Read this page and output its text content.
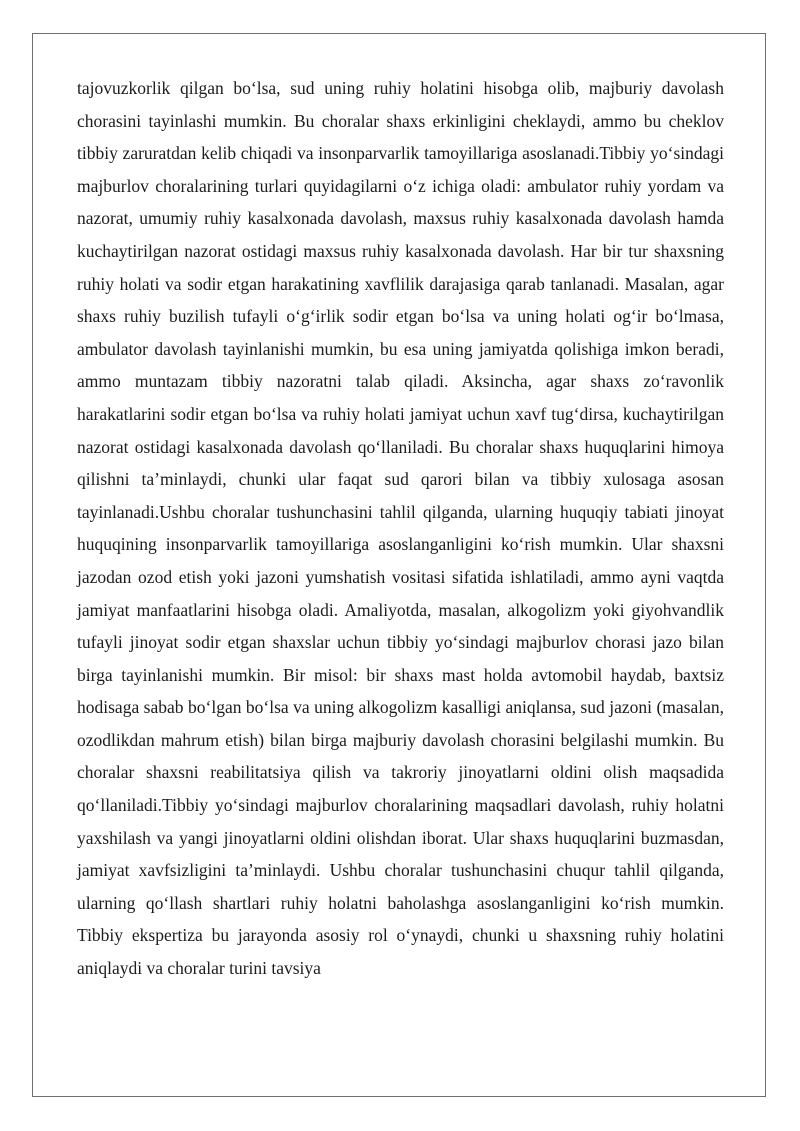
tajovuzkorlik qilgan bo‘lsa, sud uning ruhiy holatini hisobga olib, majburiy davolash chorasini tayinlashi mumkin. Bu choralar shaxs erkinligini cheklaydi, ammo bu cheklov tibbiy zaruratdan kelib chiqadi va insonparvarlik tamoyillariga asoslanadi.Tibbiy yo‘sindagi majburlov choralarining turlari quyidagilarni o‘z ichiga oladi: ambulator ruhiy yordam va nazorat, umumiy ruhiy kasalxonada davolash, maxsus ruhiy kasalxonada davolash hamda kuchaytirilgan nazorat ostidagi maxsus ruhiy kasalxonada davolash. Har bir tur shaxsning ruhiy holati va sodir etgan harakatining xavflilik darajasiga qarab tanlanadi. Masalan, agar shaxs ruhiy buzilish tufayli o‘g‘irlik sodir etgan bo‘lsa va uning holati og‘ir bo‘lmasa, ambulator davolash tayinlanishi mumkin, bu esa uning jamiyatda qolishiga imkon beradi, ammo muntazam tibbiy nazoratni talab qiladi. Aksincha, agar shaxs zo‘ravonlik harakatlarini sodir etgan bo‘lsa va ruhiy holati jamiyat uchun xavf tug‘dirsa, kuchaytirilgan nazorat ostidagi kasalxonada davolash qo‘llaniladi. Bu choralar shaxs huquqlarini himoya qilishni ta’minlaydi, chunki ular faqat sud qarori bilan va tibbiy xulosaga asosan tayinlanadi.Ushbu choralar tushunchasini tahlil qilganda, ularning huquqiy tabiati jinoyat huquqining insonparvarlik tamoyillariga asoslanganligini ko‘rish mumkin. Ular shaxsni jazodan ozod etish yoki jazoni yumshatish vositasi sifatida ishlatiladi, ammo ayni vaqtda jamiyat manfaatlarini hisobga oladi. Amaliyotda, masalan, alkogolizm yoki giyohvandlik tufayli jinoyat sodir etgan shaxslar uchun tibbiy yo‘sindagi majburlov chorasi jazo bilan birga tayinlanishi mumkin. Bir misol: bir shaxs mast holda avtomobil haydab, baxtsiz hodisaga sabab bo‘lgan bo‘lsa va uning alkogolizm kasalligi aniqlansa, sud jazoni (masalan, ozodlikdan mahrum etish) bilan birga majburiy davolash chorasini belgilashi mumkin. Bu choralar shaxsni reabilitatsiya qilish va takroriy jinoyatlarni oldini olish maqsadida qo‘llaniladi.Tibbiy yo‘sindagi majburlov choralarining maqsadlari davolash, ruhiy holatni yaxshilash va yangi jinoyatlarni oldini olishdan iborat. Ular shaxs huquqlarini buzmasdan, jamiyat xavfsizligini ta’minlaydi. Ushbu choralar tushunchasini chuqur tahlil qilganda, ularning qo‘llash shartlari ruhiy holatni baholashga asoslanganligini ko‘rish mumkin. Tibbiy ekspertiza bu jarayonda asosiy rol o‘ynaydi, chunki u shaxsning ruhiy holatini aniqlaydi va choralar turini tavsiya
